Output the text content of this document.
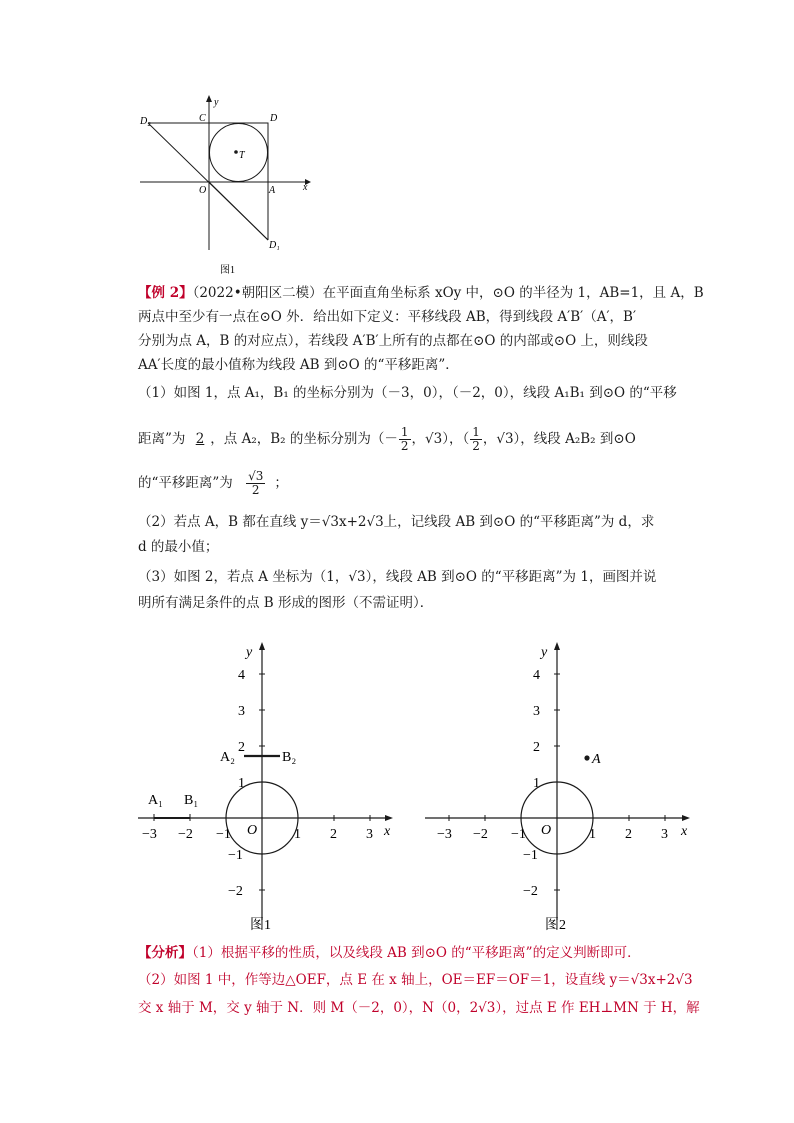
D₂	C	D
T
O	A
D₁
x
y
图1
【例 2】（2022•朝阳区二模）在平面直角坐标系 xOy 中，⊙O 的半径为 1，AB=1，且 A，B
两点中至少有一点在⊙O 外．给出如下定义：平移线段 AB，得到线段 A′B′（A′，B′
分别为点 A，B 的对应点），若线段 A′B′上所有的点都在⊙O 的内部或⊙O 上，则线段
AA′长度的最小值称为线段 AB 到⊙O 的“平移距离”．
（1）如图 1，点 A₁，B₁ 的坐标分别为（－3，0），（－2，0），线段 A₁B₁ 到⊙O 的“平移
距离”为 2 ，点 A₂，B₂ 的坐标分别为（－ $\frac{1}{2}$ ，√3），（ $\frac{1}{2}$ ，√3），线段 A₂B₂ 到⊙O
的“平移距离”为 $\frac{√3}{2}$ ；
（2）若点 A，B 都在直线 y＝√3x+2√3上，记线段 AB 到⊙O 的“平移距离”为 d，求
d 的最小值；
（3）如图 2，若点 A 坐标为（1，√3），线段 AB 到⊙O 的“平移距离”为 1，画图并说
明所有满足条件的点 B 形成的图形（不需证明）．
−3 −2 −1	1 2 3
4
3
2
1
−1
−2
O	x
y
A₁ B₁
A₂	B₂
图1
−3 −2 −1	1 2 3
4
3
2
1
−1
−2
O	x
y
A
图2
【分析】（1）根据平移的性质，以及线段 AB 到⊙O 的“平移距离”的定义判断即可．
（2）如图 1 中，作等边△OEF，点 E 在 x 轴上，OE＝EF＝OF＝1，设直线 y＝√3x+2√3
交 x 轴于 M，交 y 轴于 N．则 M（－2，0），N（0，2√3），过点 E 作 EH⊥MN 于 H，解
